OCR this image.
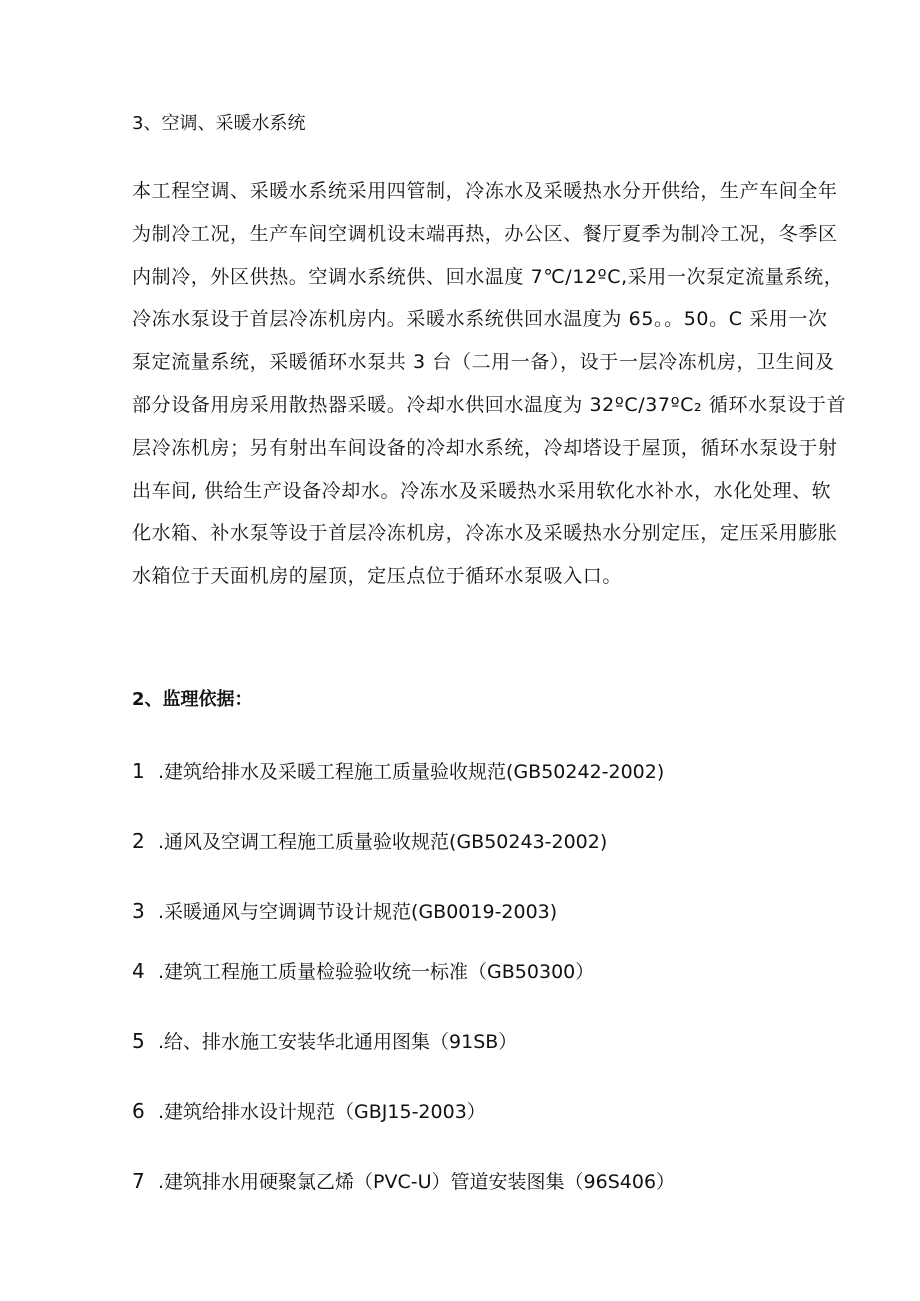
3、空调、采暖水系统
本工程空调、采暖水系统采用四管制，冷冻水及采暖热水分开供给，生产车间全年
为制冷工况，生产车间空调机设末端再热，办公区、餐厅夏季为制冷工况，冬季区
内制冷，外区供热。空调水系统供、回水温度 7℃/12ºC,采用一次泵定流量系统，
冷冻水泵设于首层冷冻机房内。采暖水系统供回水温度为 65。。50。C 采用一次
泵定流量系统，采暖循环水泵共 3 台（二用一备），设于一层冷冻机房，卫生间及
部分设备用房采用散热器采暖。冷却水供回水温度为 32ºC/37ºC₂ 循环水泵设于首
层冷冻机房；另有射出车间设备的冷却水系统，冷却塔设于屋顶，循环水泵设于射
出车间, 供给生产设备冷却水。冷冻水及采暖热水采用软化水补水，水化处理、软
化水箱、补水泵等设于首层冷冻机房，冷冻水及采暖热水分别定压，定压采用膨胀
水箱位于天面机房的屋顶，定压点位于循环水泵吸入口。
2、监理依据：
1 .建筑给排水及采暖工程施工质量验收规范(GB50242-2002)
2 .通风及空调工程施工质量验收规范(GB50243-2002)
3 .采暖通风与空调调节设计规范(GB0019-2003)
4 .建筑工程施工质量检验验收统一标准（GB50300）
5 .给、排水施工安装华北通用图集（91SB）
6 .建筑给排水设计规范（GBJ15-2003）
7 .建筑排水用硬聚氯乙烯（PVC-U）管道安装图集（96S406）
